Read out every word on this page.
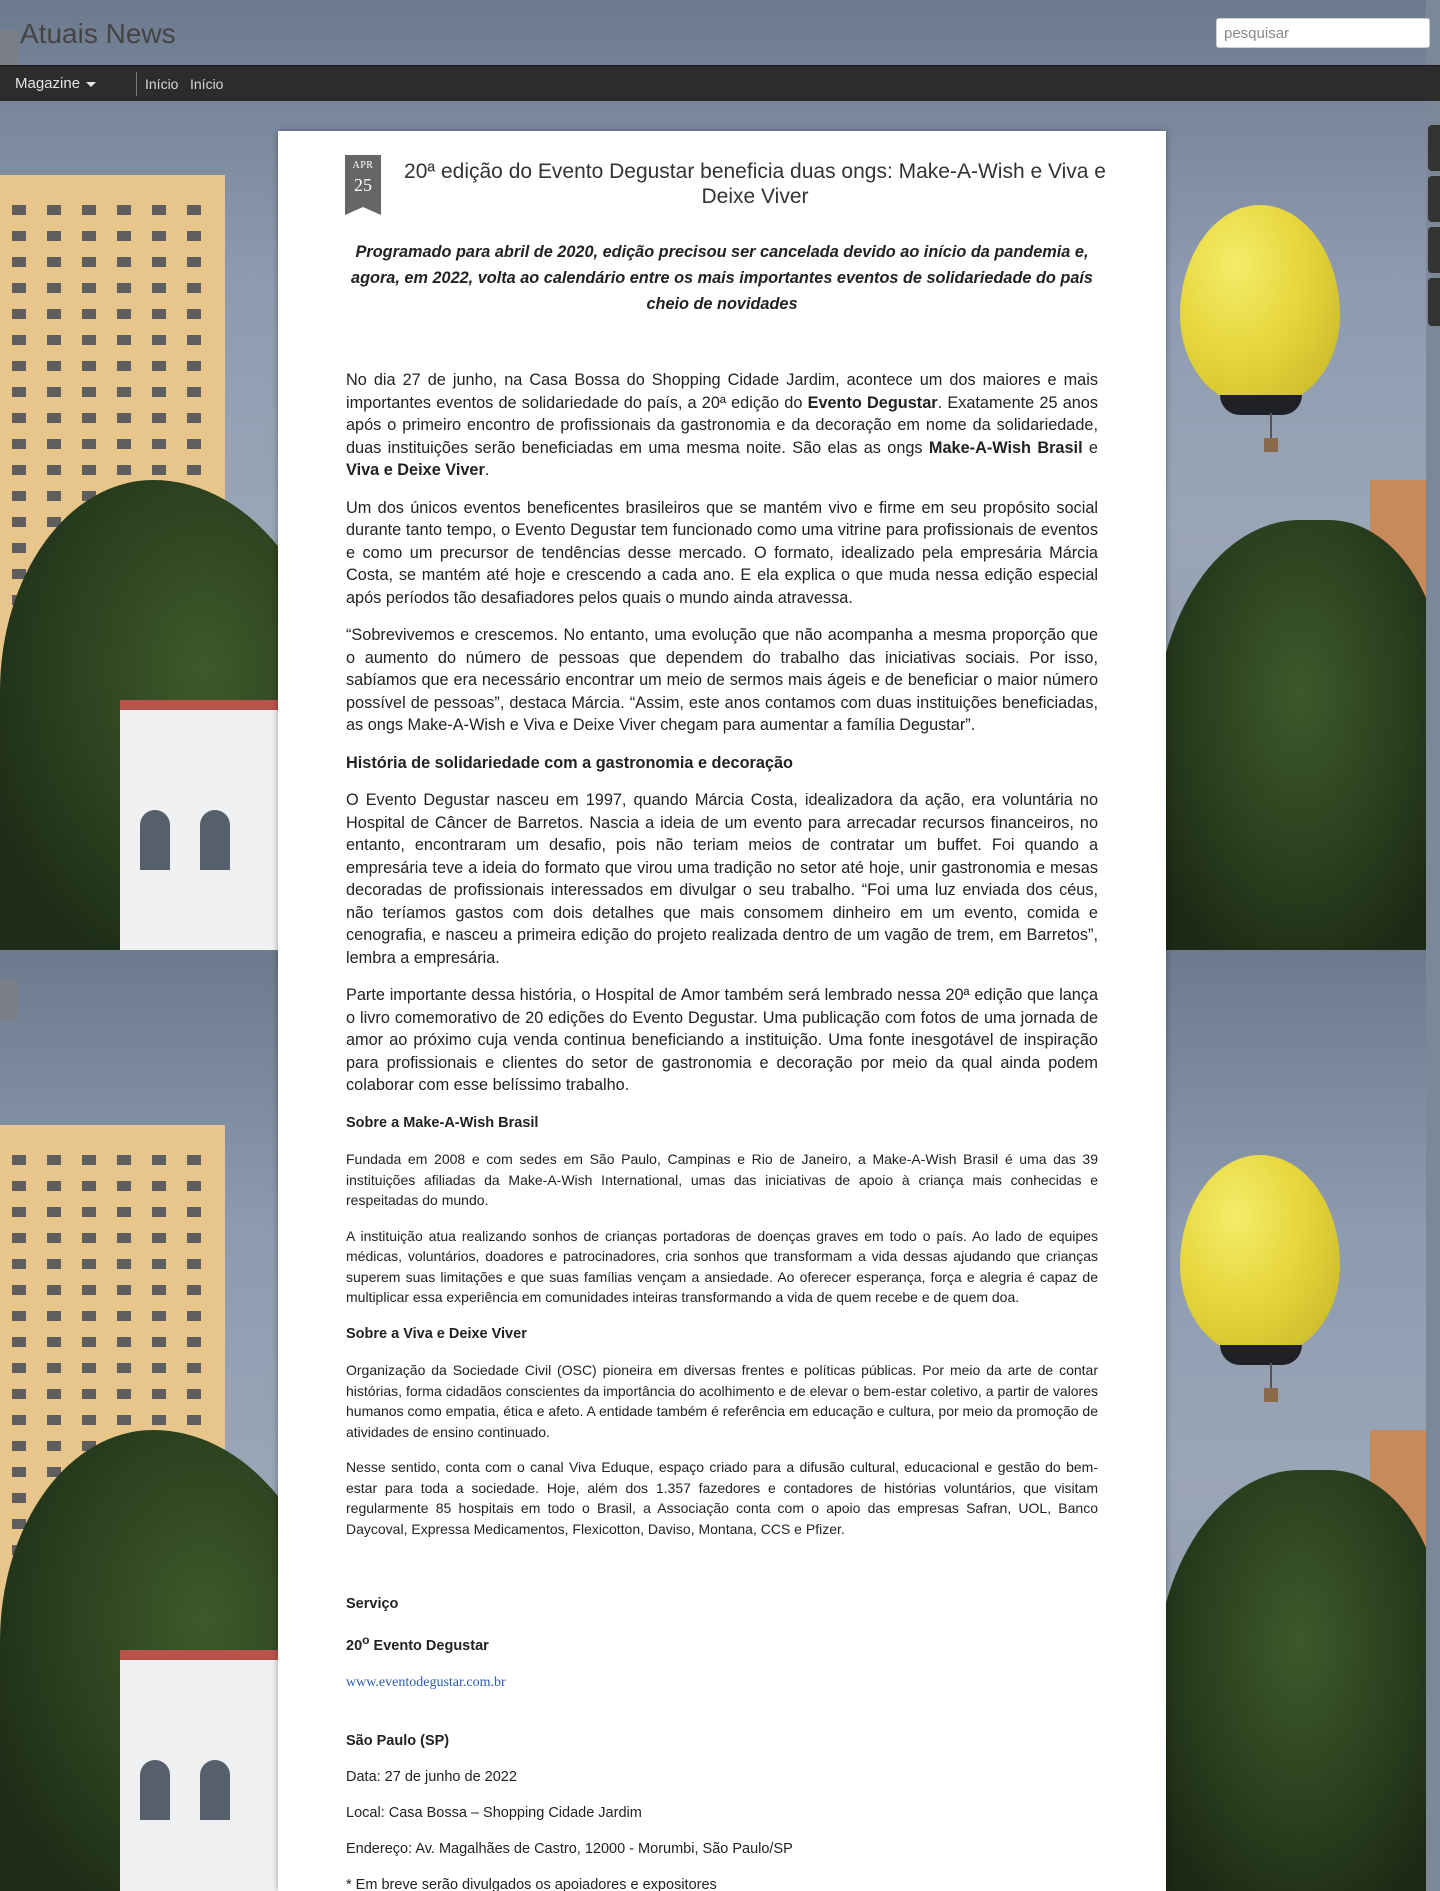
Atuais News
pesquisar
Magazine	Início Início
APR
25
20ª edição do Evento Degustar beneficia duas ongs: Make-A-Wish e Viva e Deixe Viver
Programado para abril de 2020, edição precisou ser cancelada devido ao início da pandemia e, agora, em 2022, volta ao calendário entre os mais importantes eventos de solidariedade do país cheio de novidades

No dia 27 de junho, na Casa Bossa do Shopping Cidade Jardim, acontece um dos maiores e mais importantes eventos de solidariedade do país, a 20ª edição do Evento Degustar. Exatamente 25 anos após o primeiro encontro de profissionais da gastronomia e da decoração em nome da solidariedade, duas instituições serão beneficiadas em uma mesma noite. São elas as ongs Make-A-Wish Brasil e Viva e Deixe Viver.

Um dos únicos eventos beneficentes brasileiros que se mantém vivo e firme em seu propósito social durante tanto tempo, o Evento Degustar tem funcionado como uma vitrine para profissionais de eventos e como um precursor de tendências desse mercado. O formato, idealizado pela empresária Márcia Costa, se mantém até hoje e crescendo a cada ano. E ela explica o que muda nessa edição especial após períodos tão desafiadores pelos quais o mundo ainda atravessa.

“Sobrevivemos e crescemos. No entanto, uma evolução que não acompanha a mesma proporção que o aumento do número de pessoas que dependem do trabalho das iniciativas sociais. Por isso, sabíamos que era necessário encontrar um meio de sermos mais ágeis e de beneficiar o maior número possível de pessoas”, destaca Márcia. “Assim, este anos contamos com duas instituições beneficiadas, as ongs Make-A-Wish e Viva e Deixe Viver chegam para aumentar a família Degustar”.

História de solidariedade com a gastronomia e decoração

O Evento Degustar nasceu em 1997, quando Márcia Costa, idealizadora da ação, era voluntária no Hospital de Câncer de Barretos. Nascia a ideia de um evento para arrecadar recursos financeiros, no entanto, encontraram um desafio, pois não teriam meios de contratar um buffet. Foi quando a empresária teve a ideia do formato que virou uma tradição no setor até hoje, unir gastronomia e mesas decoradas de profissionais interessados em divulgar o seu trabalho. “Foi uma luz enviada dos céus, não teríamos gastos com dois detalhes que mais consomem dinheiro em um evento, comida e cenografia, e nasceu a primeira edição do projeto realizada dentro de um vagão de trem, em Barretos”, lembra a empresária.

Parte importante dessa história, o Hospital de Amor também será lembrado nessa 20ª edição que lança o livro comemorativo de 20 edições do Evento Degustar. Uma publicação com fotos de uma jornada de amor ao próximo cuja venda continua beneficiando a instituição. Uma fonte inesgotável de inspiração para profissionais e clientes do setor de gastronomia e decoração por meio da qual ainda podem colaborar com esse belíssimo trabalho.

Sobre a Make-A-Wish Brasil

Fundada em 2008 e com sedes em São Paulo, Campinas e Rio de Janeiro, a Make-A-Wish Brasil é uma das 39 instituições afiliadas da Make-A-Wish International, umas das iniciativas de apoio à criança mais conhecidas e respeitadas do mundo.

A instituição atua realizando sonhos de crianças portadoras de doenças graves em todo o país. Ao lado de equipes médicas, voluntários, doadores e patrocinadores, cria sonhos que transformam a vida dessas ajudando que crianças superem suas limitações e que suas famílias vençam a ansiedade. Ao oferecer esperança, força e alegria é capaz de multiplicar essa experiência em comunidades inteiras transformando a vida de quem recebe e de quem doa.

Sobre a Viva e Deixe Viver

Organização da Sociedade Civil (OSC) pioneira em diversas frentes e políticas públicas. Por meio da arte de contar histórias, forma cidadãos conscientes da importância do acolhimento e de elevar o bem-estar coletivo, a partir de valores humanos como empatia, ética e afeto. A entidade também é referência em educação e cultura, por meio da promoção de atividades de ensino continuado.

Nesse sentido, conta com o canal Viva Eduque, espaço criado para a difusão cultural, educacional e gestão do bem-estar para toda a sociedade. Hoje, além dos 1.357 fazedores e contadores de histórias voluntários, que visitam regularmente 85 hospitais em todo o Brasil, a Associação conta com o apoio das empresas Safran, UOL, Banco Daycoval, Expressa Medicamentos, Flexicotton, Daviso, Montana, CCS e Pfizer.

Serviço

20$^o$ Evento Degustar

www.eventodegustar.com.br

São Paulo (SP)

Data: 27 de junho de 2022

Local: Casa Bossa – Shopping Cidade Jardim

Endereço: Av. Magalhães de Castro, 12000 - Morumbi, São Paulo/SP

* Em breve serão divulgados os apoiadores e expositores
